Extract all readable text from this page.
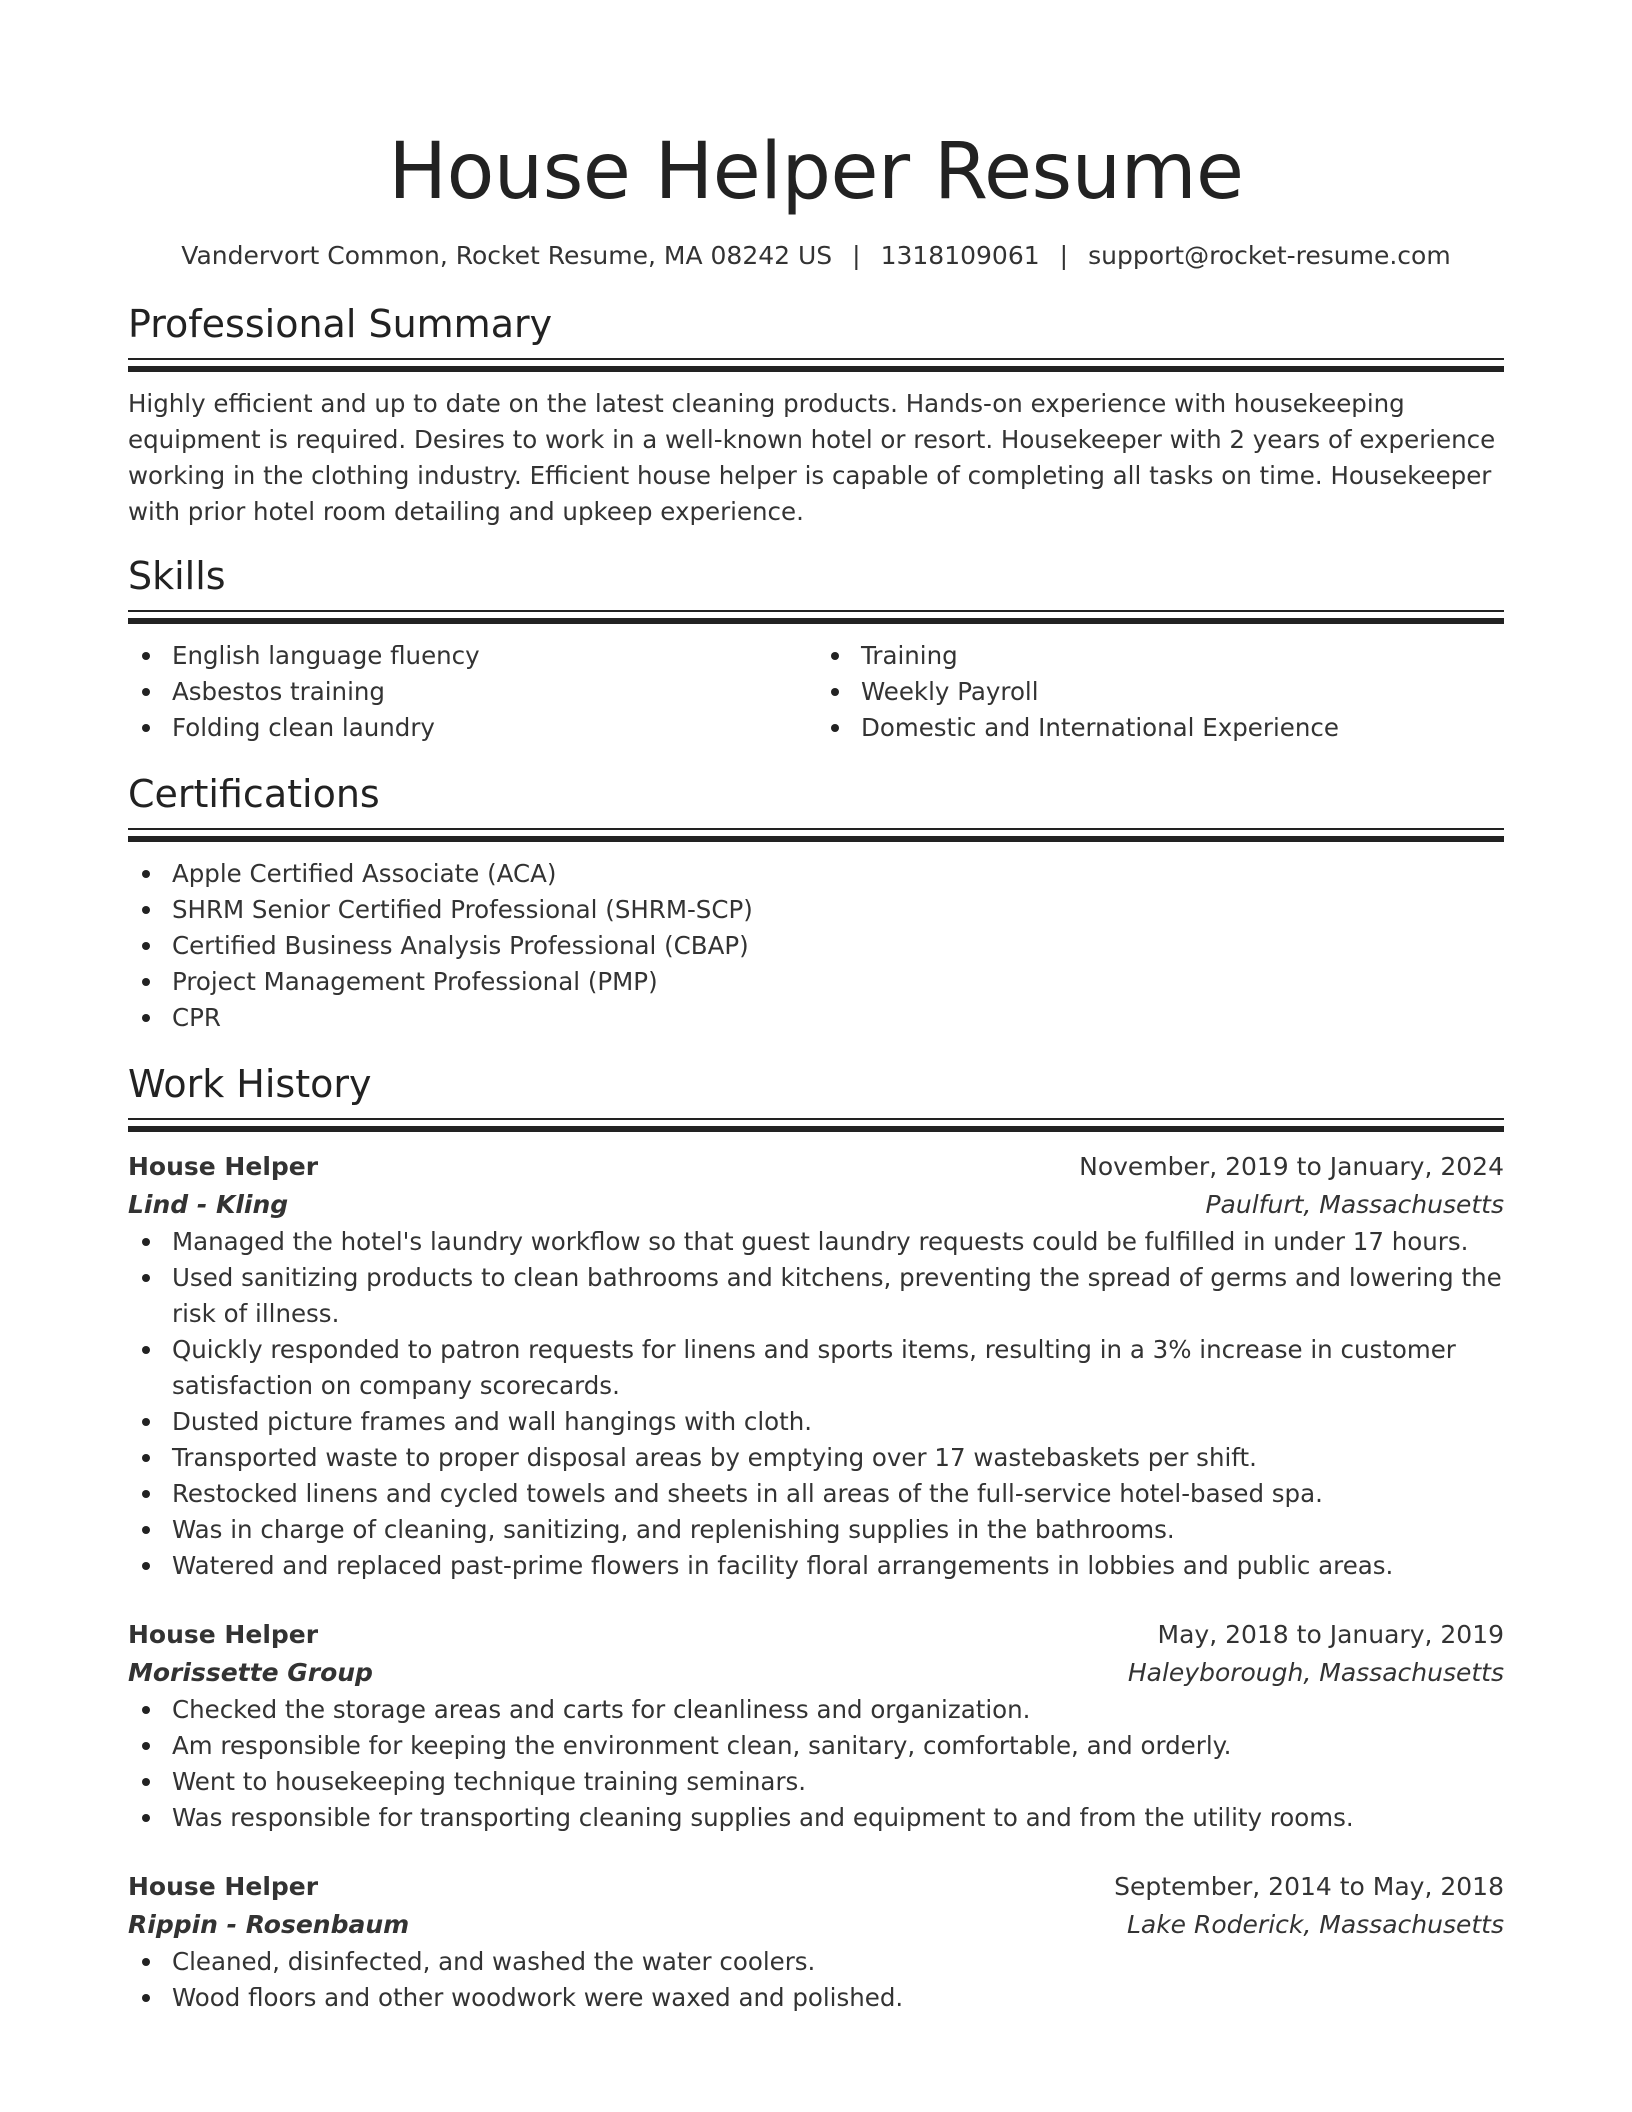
House Helper Resume
Vandervort Common, Rocket Resume, MA 08242 US | 1318109061 | support@rocket-resume.com
Professional Summary

Highly efficient and up to date on the latest cleaning products. Hands-on experience with housekeeping equipment is required. Desires to work in a well-known hotel or resort. Housekeeper with 2 years of experience working in the clothing industry. Efficient house helper is capable of completing all tasks on time. Housekeeper with prior hotel room detailing and upkeep experience.

Skills
English language fluency
Asbestos training
Folding clean laundry
Training
Weekly Payroll
Domestic and International Experience
Certifications
Apple Certified Associate (ACA)
SHRM Senior Certified Professional (SHRM-SCP)
Certified Business Analysis Professional (CBAP)
Project Management Professional (PMP)
CPR
Work History
House Helper	November, 2019 to January, 2024
Lind - Kling	Paulfurt, Massachusetts
Managed the hotel's laundry workflow so that guest laundry requests could be fulfilled in under 17 hours.
Used sanitizing products to clean bathrooms and kitchens, preventing the spread of germs and lowering the risk of illness.
Quickly responded to patron requests for linens and sports items, resulting in a 3% increase in customer satisfaction on company scorecards.
Dusted picture frames and wall hangings with cloth.
Transported waste to proper disposal areas by emptying over 17 wastebaskets per shift.
Restocked linens and cycled towels and sheets in all areas of the full-service hotel-based spa.
Was in charge of cleaning, sanitizing, and replenishing supplies in the bathrooms.
Watered and replaced past-prime flowers in facility floral arrangements in lobbies and public areas.
House Helper	May, 2018 to January, 2019
Morissette Group	Haleyborough, Massachusetts
Checked the storage areas and carts for cleanliness and organization.
Am responsible for keeping the environment clean, sanitary, comfortable, and orderly.
Went to housekeeping technique training seminars.
Was responsible for transporting cleaning supplies and equipment to and from the utility rooms.
House Helper	September, 2014 to May, 2018
Rippin - Rosenbaum	Lake Roderick, Massachusetts
Cleaned, disinfected, and washed the water coolers.
Wood floors and other woodwork were waxed and polished.
